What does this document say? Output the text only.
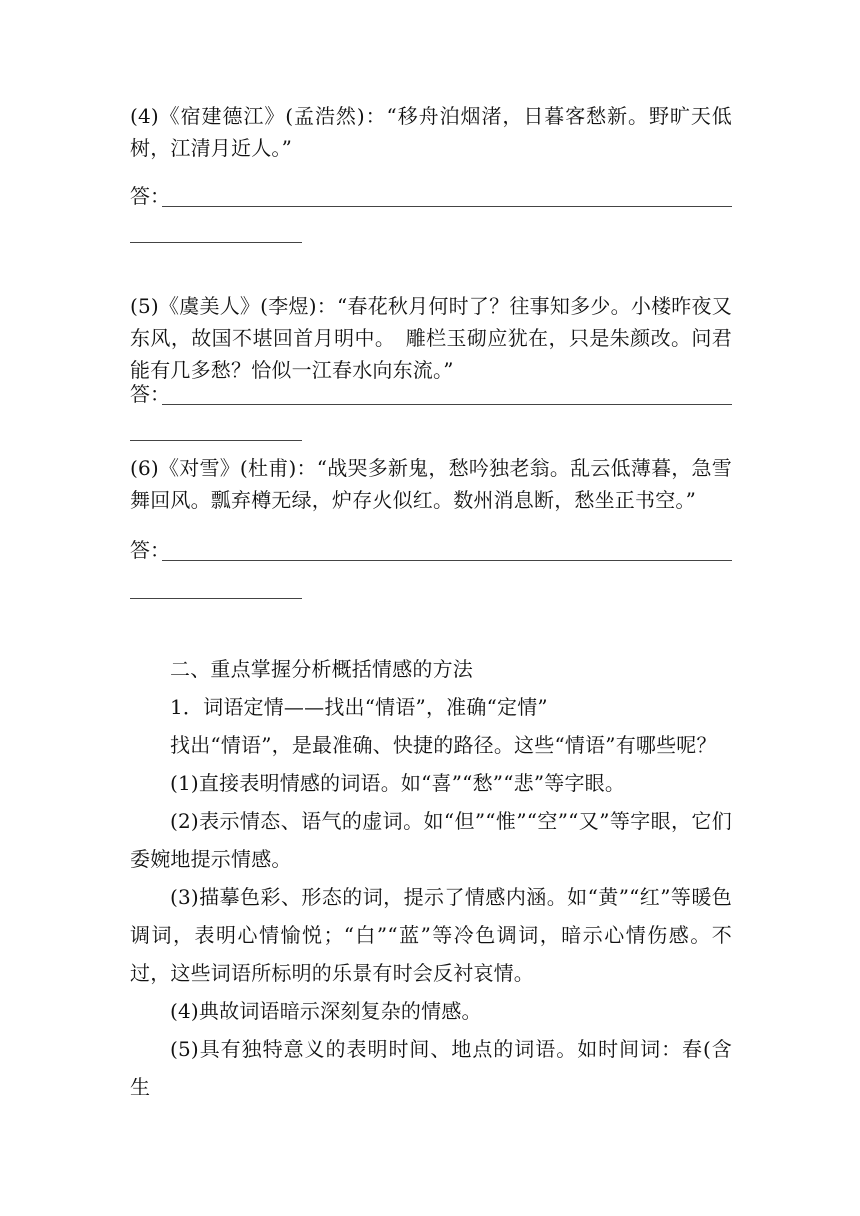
(4)《宿建德江》(孟浩然)：“移舟泊烟渚，日暮客愁新。野旷天低树，江清月近人。”

答：

(5)《虞美人》(李煜)：“春花秋月何时了？往事知多少。小楼昨夜又东风，故国不堪回首月明中。　雕栏玉砌应犹在，只是朱颜改。问君能有几多愁？恰似一江春水向东流。”

答：

(6)《对雪》(杜甫)：“战哭多新鬼，愁吟独老翁。乱云低薄暮，急雪舞回风。瓢弃樽无绿，炉存火似红。数州消息断，愁坐正书空。”

答：

二、重点掌握分析概括情感的方法

1．词语定情——找出“情语”，准确“定情”

找出“情语”，是最准确、快捷的路径。这些“情语”有哪些呢？

(1)直接表明情感的词语。如“喜”“愁”“悲”等字眼。

(2)表示情态、语气的虚词。如“但”“惟”“空”“又”等字眼，它们委婉地提示情感。

(3)描摹色彩、形态的词，提示了情感内涵。如“黄”“红”等暖色调词，表明心情愉悦；“白”“蓝”等冷色调词，暗示心情伤感。不过，这些词语所标明的乐景有时会反衬哀情。

(4)典故词语暗示深刻复杂的情感。

(5)具有独特意义的表明时间、地点的词语。如时间词：春(含生
